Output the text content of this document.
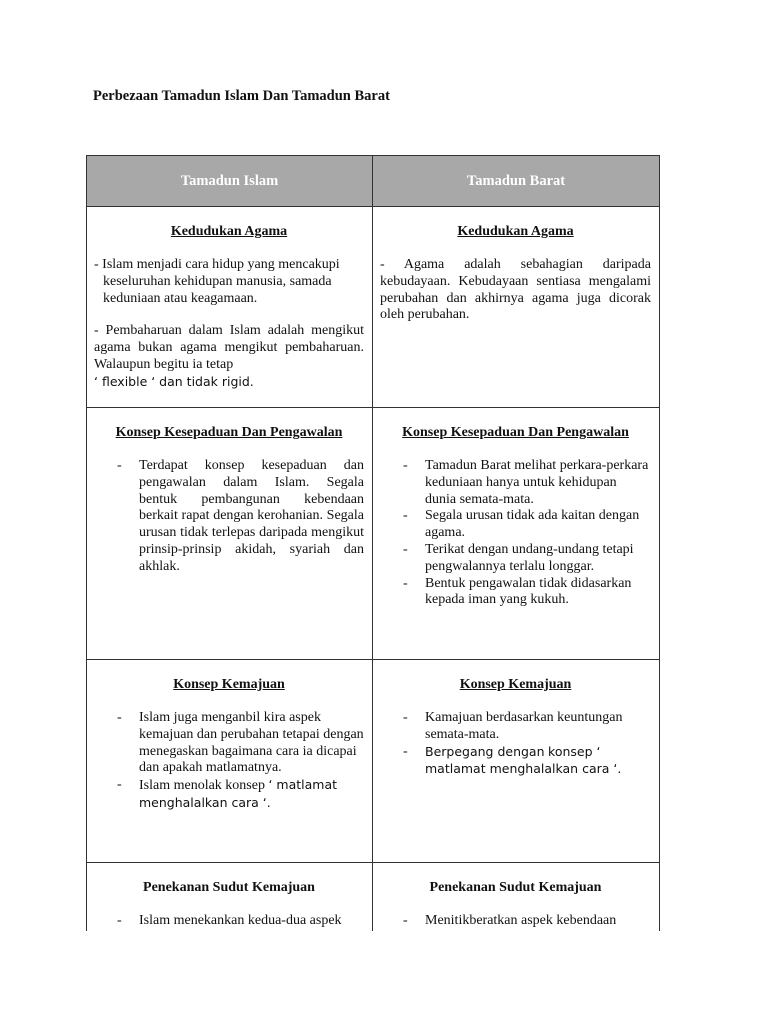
Perbezaan Tamadun Islam Dan Tamadun Barat
Tamadun Islam	Tamadun Barat
Kedudukan Agama

- Islam menjadi cara hidup yang mencakupi

keseluruhan kehidupan manusia, samada

keduniaan atau keagamaan.

- Pembaharuan dalam Islam adalah mengikut agama bukan agama mengikut pembaharuan. Walaupun begitu ia tetap

‘ flexible ‘ dan tidak rigid.

Kedudukan Agama

- Agama adalah sebahagian daripada kebudayaan. Kebudayaan sentiasa mengalami perubahan dan akhirnya agama juga dicorak oleh perubahan.

Konsep Kesepaduan Dan Pengawalan
- Terdapat konsep kesepaduan dan pengawalan dalam Islam. Segala bentuk pembangunan kebendaan berkait rapat dengan kerohanian. Segala urusan tidak terlepas daripada mengikut prinsip-prinsip akidah, syariah dan akhlak.
Konsep Kesepaduan Dan Pengawalan
- Tamadun Barat melihat perkara-perkara keduniaan hanya untuk kehidupan dunia semata-mata.
- Segala urusan tidak ada kaitan dengan agama.
- Terikat dengan undang-undang tetapi pengwalannya terlalu longgar.
- Bentuk pengawalan tidak didasarkan kepada iman yang kukuh.
Konsep Kemajuan
- Islam juga menganbil kira aspek kemajuan dan perubahan tetapai dengan menegaskan bagaimana cara ia dicapai dan apakah matlamatnya.
- Islam menolak konsep ‘ matlamat menghalalkan cara ‘.
Konsep Kemajuan
- Kamajuan berdasarkan keuntungan semata-mata.
- Berpegang dengan konsep ‘ matlamat menghalalkan cara ‘.
Penekanan Sudut Kemajuan
- Islam menekankan kedua-dua aspek
Penekanan Sudut Kemajuan
- Menitikberatkan aspek kebendaan
